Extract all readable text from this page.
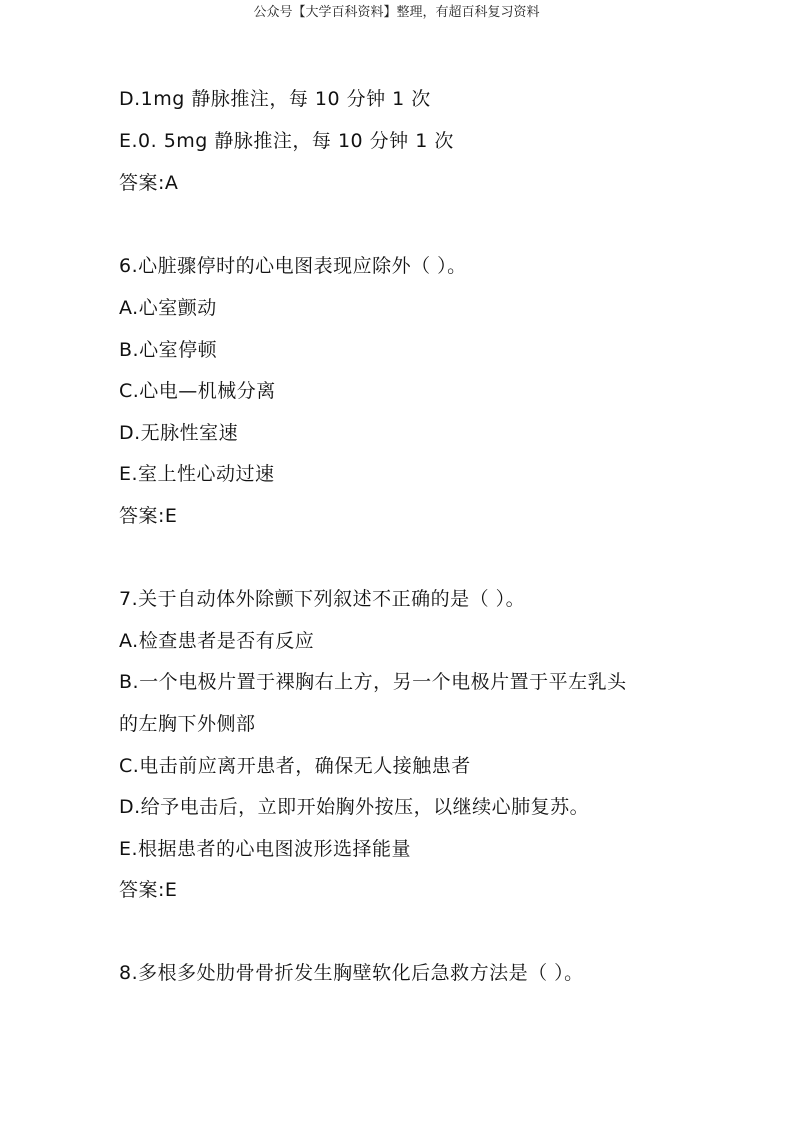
公众号【大学百科资料】整理，有超百科复习资料
D.1mg 静脉推注，每 10 分钟 1 次
E.0. 5mg 静脉推注，每 10 分钟 1 次
答案:A
6.心脏骤停时的心电图表现应除外（ ）。
A.心室颤动
B.心室停顿
C.心电—机械分离
D.无脉性室速
E.室上性心动过速
答案:E
7.关于自动体外除颤下列叙述不正确的是（ ）。
A.检查患者是否有反应
B.一个电极片置于裸胸右上方，另一个电极片置于平左乳头
的左胸下外侧部
C.电击前应离开患者，确保无人接触患者
D.给予电击后，立即开始胸外按压，以继续心肺复苏。
E.根据患者的心电图波形选择能量
答案:E
8.多根多处肋骨骨折发生胸壁软化后急救方法是（ ）。
